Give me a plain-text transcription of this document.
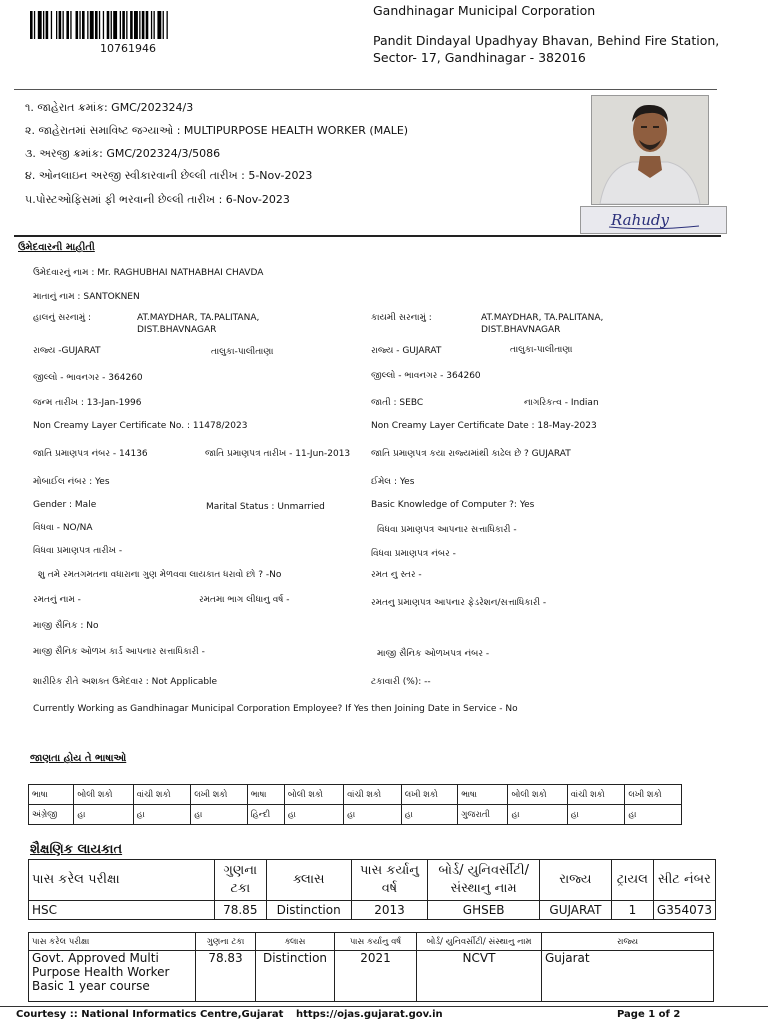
10761946
Gandhinagar Municipal Corporation
Pandit Dindayal Upadhyay Bhavan, Behind Fire Station,
Sector- 17, Gandhinagar - 382016
૧. જાહેરાત ક્રમાંક: GMC/202324/3
૨. જાહેરાતમાં સમાવિષ્ટ જગ્યાઓ : MULTIPURPOSE HEALTH WORKER (MALE)
૩. અરજી ક્રમાંક: GMC/202324/3/5086
૪. ઓનલાઇન અરજી સ્વીકારવાની છેલ્લી તારીખ : 5-Nov-2023
૫.પોસ્ટઓફિસમાં ફી ભરવાની છેલ્લી તારીખ : 6-Nov-2023
Rahudy
ઉમેદવારની માહીતી
ઉમેદવારનું નામ : Mr. RAGHUBHAI NATHABHAI CHAVDA
માતાનું નામ : SANTOKNEN
હાલનું સરનામું :	AT.MAYDHAR, TA.PALITANA,
DIST.BHAVNAGAR
કાયમી સરનામું :	AT.MAYDHAR, TA.PALITANA,
DIST.BHAVNAGAR
રાજ્ય -GUJARAT	તાલુકા-પાલીતાણા	રાજ્ય - GUJARAT	તાલુકા-પાલીતાણા
જીલ્લો - ભાવનગર - 364260	જીલ્લો - ભાવનગર - 364260
જન્મ તારીખ : 13-Jan-1996	જાતી : SEBC	નાગરિકત્વ - Indian
Non Creamy Layer Certificate No. : 11478/2023	Non Creamy Layer Certificate Date : 18-May-2023
જાતિ પ્રમાણપત્ર નંબર - 14136	જાતિ પ્રમાણપત્ર તારીખ - 11-Jun-2013 જાતિ પ્રમાણપત્ર કયા રાજ્યમાંથી કાઢેલ છે ? GUJARAT
મોબાઈલ નંબર : Yes	ઈમેલ : Yes
Gender : Male	Marital Status : Unmarried	Basic Knowledge of Computer ?: Yes
વિધવા - NO/NA	વિધવા પ્રમાણપત્ર આપનાર સત્તાધિકારી -
વિધવા પ્રમાણપત્ર તારીખ -	વિધવા પ્રમાણપત્ર નંબર -
શુ તમે રમતગમતના વધારાના ગુણ મેળવવા લાયકાત ધરાવો છો ? -No	રમત નુ સ્તર -
રમતનું નામ -	રમતમા ભાગ લીધાનુ વર્ષ -	રમતનુ પ્રમાણપત્ર આપનાર ફેડરેશન/સત્તાધિકારી -
માજી સૈનિક : No
માજી સૈનિક ઓળખ કાર્ડ આપનાર સત્તાધિકારી -	માજી સૈનિક ઓળખપત્ર નંબર -
શારીરિક રીતે અશક્ત ઉમેદવાર : Not Applicable	ટકાવારી (%): --
Currently Working as Gandhinagar Municipal Corporation Employee? If Yes then Joining Date in Service - No
જાણતા હોય તે ભાષાઓ
ભાષા	બોલી શકો	વાંચી શકો	લખી શકો	ભાષા	બોલી શકો	વાંચી શકો	લખી શકો	ભાષા	બોલી શકો	વાંચી શકો	લખી શકો
અંગ્રેજી	હા	હા	હા	હિન્દી	હા	હા	હા	ગુજરાતી	હા	હા	હા
શૈક્ષણિક લાયકાત
પાસ કરેલ પરીક્ષા	ગુણના ટકા	ક્લાસ	પાસ કર્યાનુ વર્ષ	બોર્ડ/ યુનિવર્સીટી/ સંસ્થાનુ નામ	રાજ્ય	ટ્રાયલ	સીટ નંબર
HSC	78.85	Distinction	2013	GHSEB	GUJARAT	1	G354073
પાસ કરેલ પરીક્ષા	ગુણના ટકા	ક્લાસ	પાસ કર્યાનુ વર્ષ	બોર્ડ/ યુનિવર્સીટી/ સંસ્થાનુ નામ	રાજ્ય

Govt. Approved Multi
Purpose Health Worker
Basic 1 year course	78.83	Distinction	2021	NCVT	Gujarat
Courtesy :: National Informatics Centre,Gujarat https://ojas.gujarat.gov.in	Page 1 of 2
